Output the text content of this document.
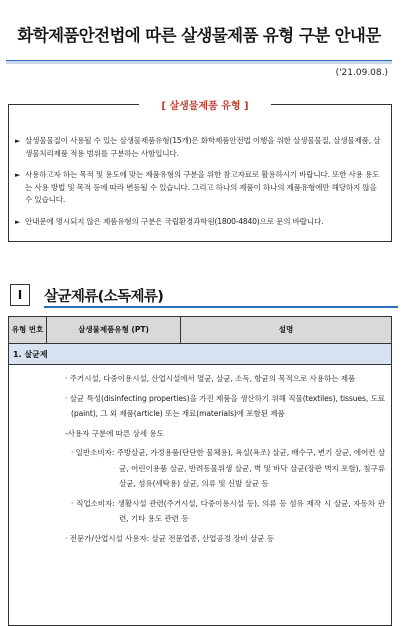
화학제품안전법에 따른 살생물제품 유형 구분 안내문
('21.09.08.)
[ 살생물제품 유형 ]
► 살생물물질이 사용될 수 있는 살생물제품유형(15개)은 화학제품안전법 이행을 위한 살생물물질, 살생물제품, 살생물처리제품 적용 범위를 구분하는 사항입니다.
► 사용하고자 하는 목적 및 용도에 맞는 제품유형의 구분을 위한 참고자료로 활용하시기 바랍니다. 또한 사용 용도는 사용 방법 및 목적 등에 따라 변동될 수 있습니다. 그리고 하나의 제품이 하나의 제품유형에만 해당하지 않을 수 있습니다.
► 안내문에 명시되지 않은 제품유형의 구분은 국립환경과학원(1800-4840)으로 문의 바랍니다.
I	살균제류(소독제류)
유형 번호	살생물제품유형 (PT)	설명
1. 살균제

· 주거시설, 다중이용시설, 산업시설에서 멸균, 살균, 소독, 항균의 목적으로 사용하는 제품
· 살균 특성(disinfecting properties)을 가진 제품을 생산하기 위해 직물(textiles), tissues, 도료(paint), 그 외 제품(article) 또는 재료(materials)에 포함된 제품
-사용자 구분에 따른 상세 용도
· 일반소비자: 주방살균, 가정용품(단단한 물체용), 욕실(욕조) 살균, 배수구, 변기 살균, 에어컨 살균, 어린이용품 살균, 반려동물위생 살균, 벽 및 바닥 살균(장판 벽지 포함), 침구류 살균, 섬유(세탁용) 살균, 의류 및 신발 살균 등
· 직업소비자: 생활시설 관련(주거시설, 다중이용시설 등), 의류 등 섬유 제작 시 살균, 자동차 관련, 기타 용도 관련 등
· 전문가/산업시설 사용자: 살균 전문업종, 산업공정 장비 살균 등
